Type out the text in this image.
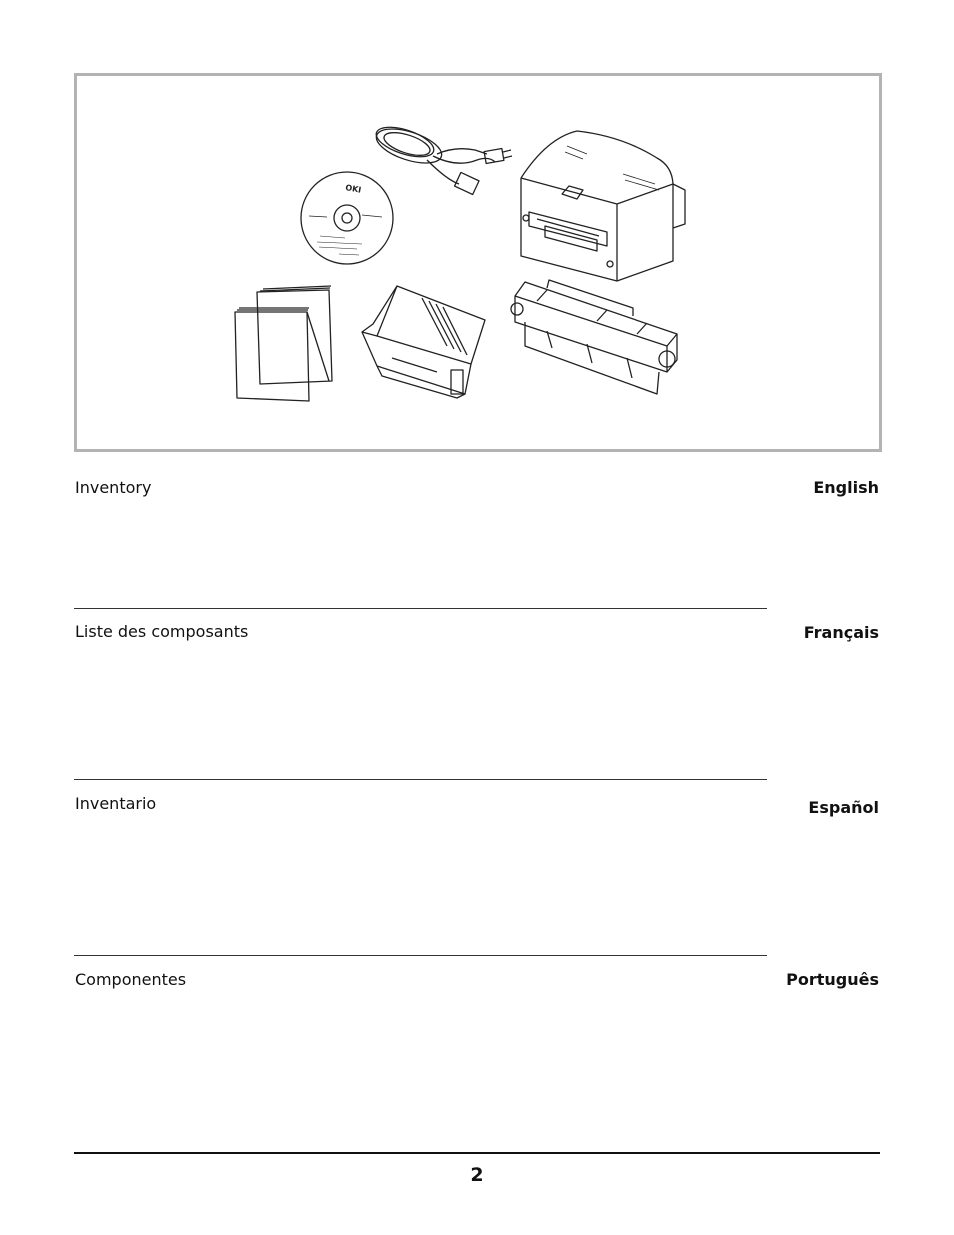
OKI
Inventory	English
Liste des composants	Français
Inventario	Español
Componentes	Português
2
